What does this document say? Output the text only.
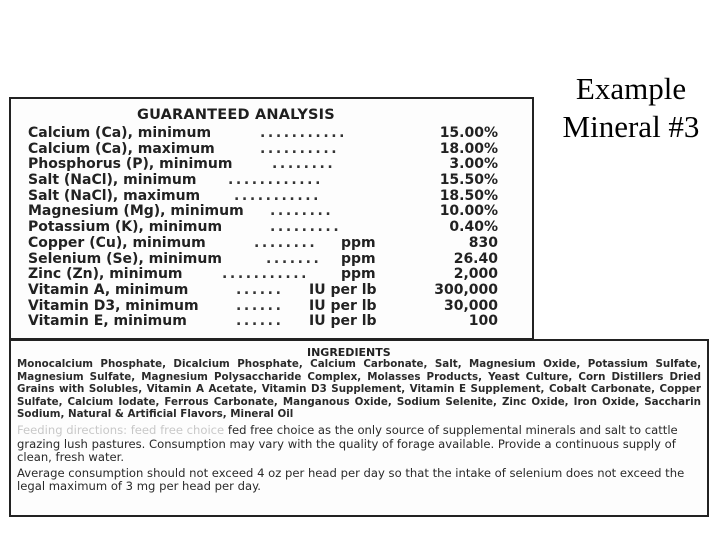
Example
Mineral #3
GUARANTEED ANALYSIS
Calcium (Ca), minimum	...........	15.00%
Calcium (Ca), maximum	..........	18.00%
Phosphorus (P), minimum	........	3.00%
Salt (NaCl), minimum ............	15.50%
Salt (NaCl), maximum ...........	18.50%
Magnesium (Mg), minimum ........	10.00%
Potassium (K), minimum	.........	0.40%
Copper (Cu), minimum	........ ppm	830
Selenium (Se), minimum	....... ppm	26.40
Zinc (Zn), minimum	........... ppm	2,000
Vitamin A, minimum	...... IU per lb	300,000
Vitamin D3, minimum	...... IU per lb	30,000
Vitamin E, minimum	...... IU per lb	100
INGREDIENTS
Monocalcium Phosphate, Dicalcium Phosphate, Calcium Carbonate, Salt, Magnesium Oxide, Potassium Sulfate, Magnesium Sulfate, Magnesium Polysaccharide Complex, Molasses Products, Yeast Culture, Corn Distillers Dried Grains with Solubles, Vitamin A Acetate, Vitamin D3 Supplement, Vitamin E Supplement, Cobalt Carbonate, Copper Sulfate, Calcium Iodate, Ferrous Carbonate, Manganous Oxide, Sodium Selenite, Zinc Oxide, Iron Oxide, Saccharin Sodium, Natural & Artificial Flavors, Mineral Oil

Feeding directions: feed free choice fed free choice as the only source of supplemental minerals and salt to cattle grazing lush pastures. Consumption may vary with the quality of forage available. Provide a continuous supply of clean, fresh water.

Average consumption should not exceed 4 oz per head per day so that the intake of selenium does not exceed the legal maximum of 3 mg per head per day.
